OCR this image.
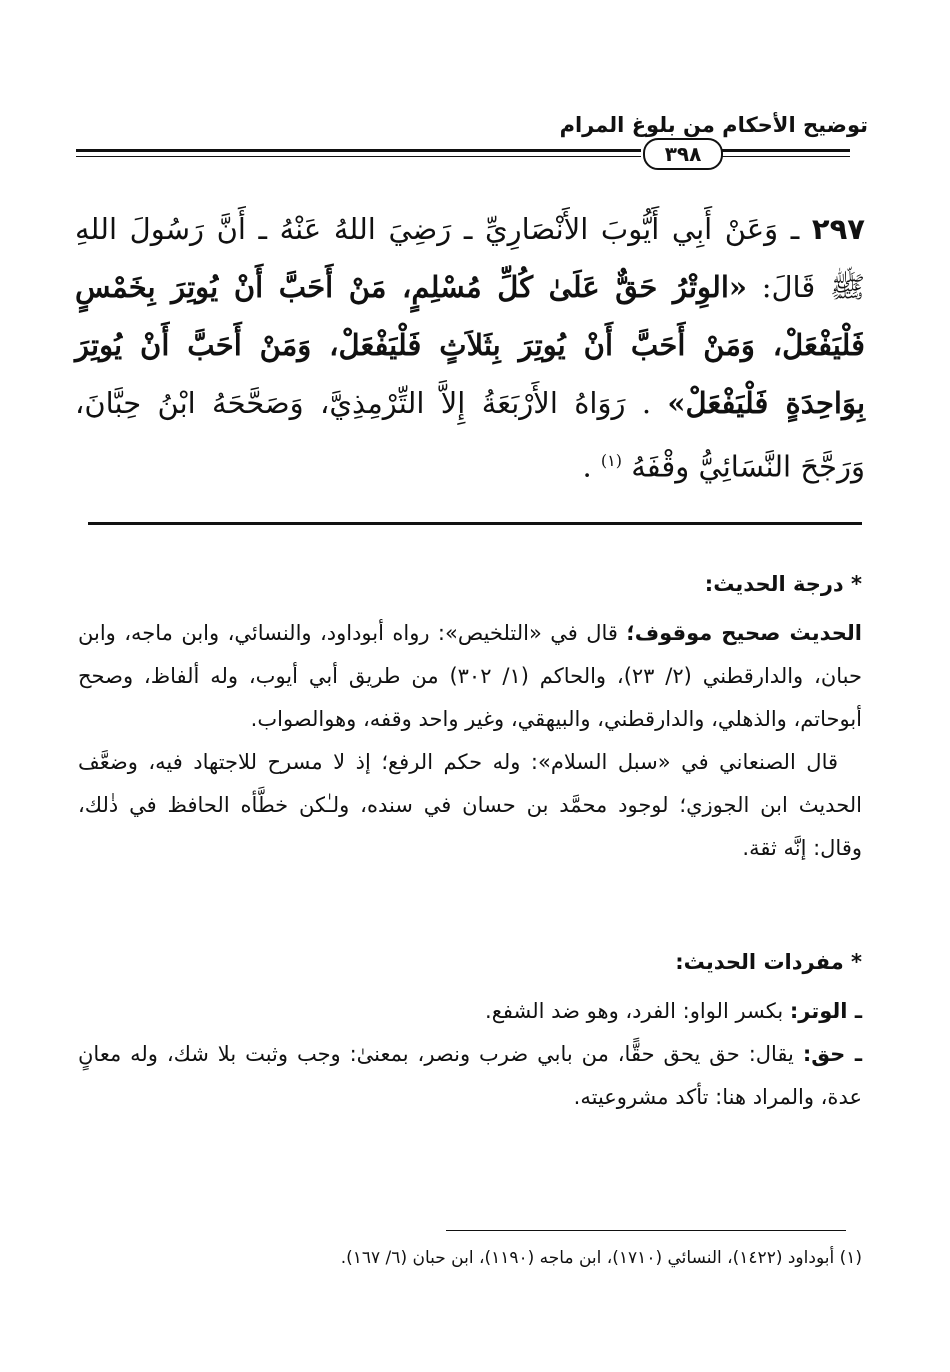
توضيح الأحكام من بلوغ المرام
٣٩٨
٢٩٧ ـ وَعَنْ أَبِي أَيُّوبَ الأَنْصَارِيِّ ـ رَضِيَ اللهُ عَنْهُ ـ أَنَّ رَسُولَ اللهِ ﷺ قَالَ: «الوِتْرُ حَقٌّ عَلَىٰ كُلِّ مُسْلِمٍ، مَنْ أَحَبَّ أَنْ يُوتِرَ بِخَمْسٍ فَلْيَفْعَلْ، وَمَنْ أَحَبَّ أَنْ يُوتِرَ بِثَلاَثٍ فَلْيَفْعَلْ، وَمَنْ أَحَبَّ أَنْ يُوتِرَ بِوَاحِدَةٍ فَلْيَفْعَلْ» . رَوَاهُ الأَرْبَعَةُ إِلاَّ التِّرْمِذِيَّ، وَصَحَّحَهُ ابْنُ حِبَّانَ، وَرَجَّحَ النَّسَائِيُّ وقْفَهُ $^{(١)}$ .
* درجة الحديث:

الحديث صحيح موقوف؛ قال في «التلخيص»: رواه أبوداود، والنسائي، وابن ماجه، وابن حبان، والدارقطني (٢/ ٢٣)، والحاكم (١/ ٣٠٢) من طريق أبي أيوب، وله ألفاظ، وصحح أبوحاتم، والذهلي، والدارقطني، والبيهقي، وغير واحد وقفه، وهوالصواب.

قال الصنعاني في «سبل السلام»: وله حكم الرفع؛ إذ لا مسرح للاجتهاد فيه، وضعَّف الحديث ابن الجوزي؛ لوجود محمَّد بن حسان في سنده، ولـٰكن خطَّأه الحافظ في ذٰلك، وقال: إنَّه ثقة.

* مفردات الحديث:

ـ الوتر: بكسر الواو: الفرد، وهو ضد الشفع.

ـ حق: يقال: حق يحق حقًّا، من بابي ضرب ونصر، بمعنىٰ: وجب وثبت بلا شك، وله معانٍ عدة، والمراد هنا: تأكد مشروعيته.

(١) أبوداود (١٤٢٢)، النسائي (١٧١٠)، ابن ماجه (١١٩٠)، ابن حبان (٦/ ١٦٧).
